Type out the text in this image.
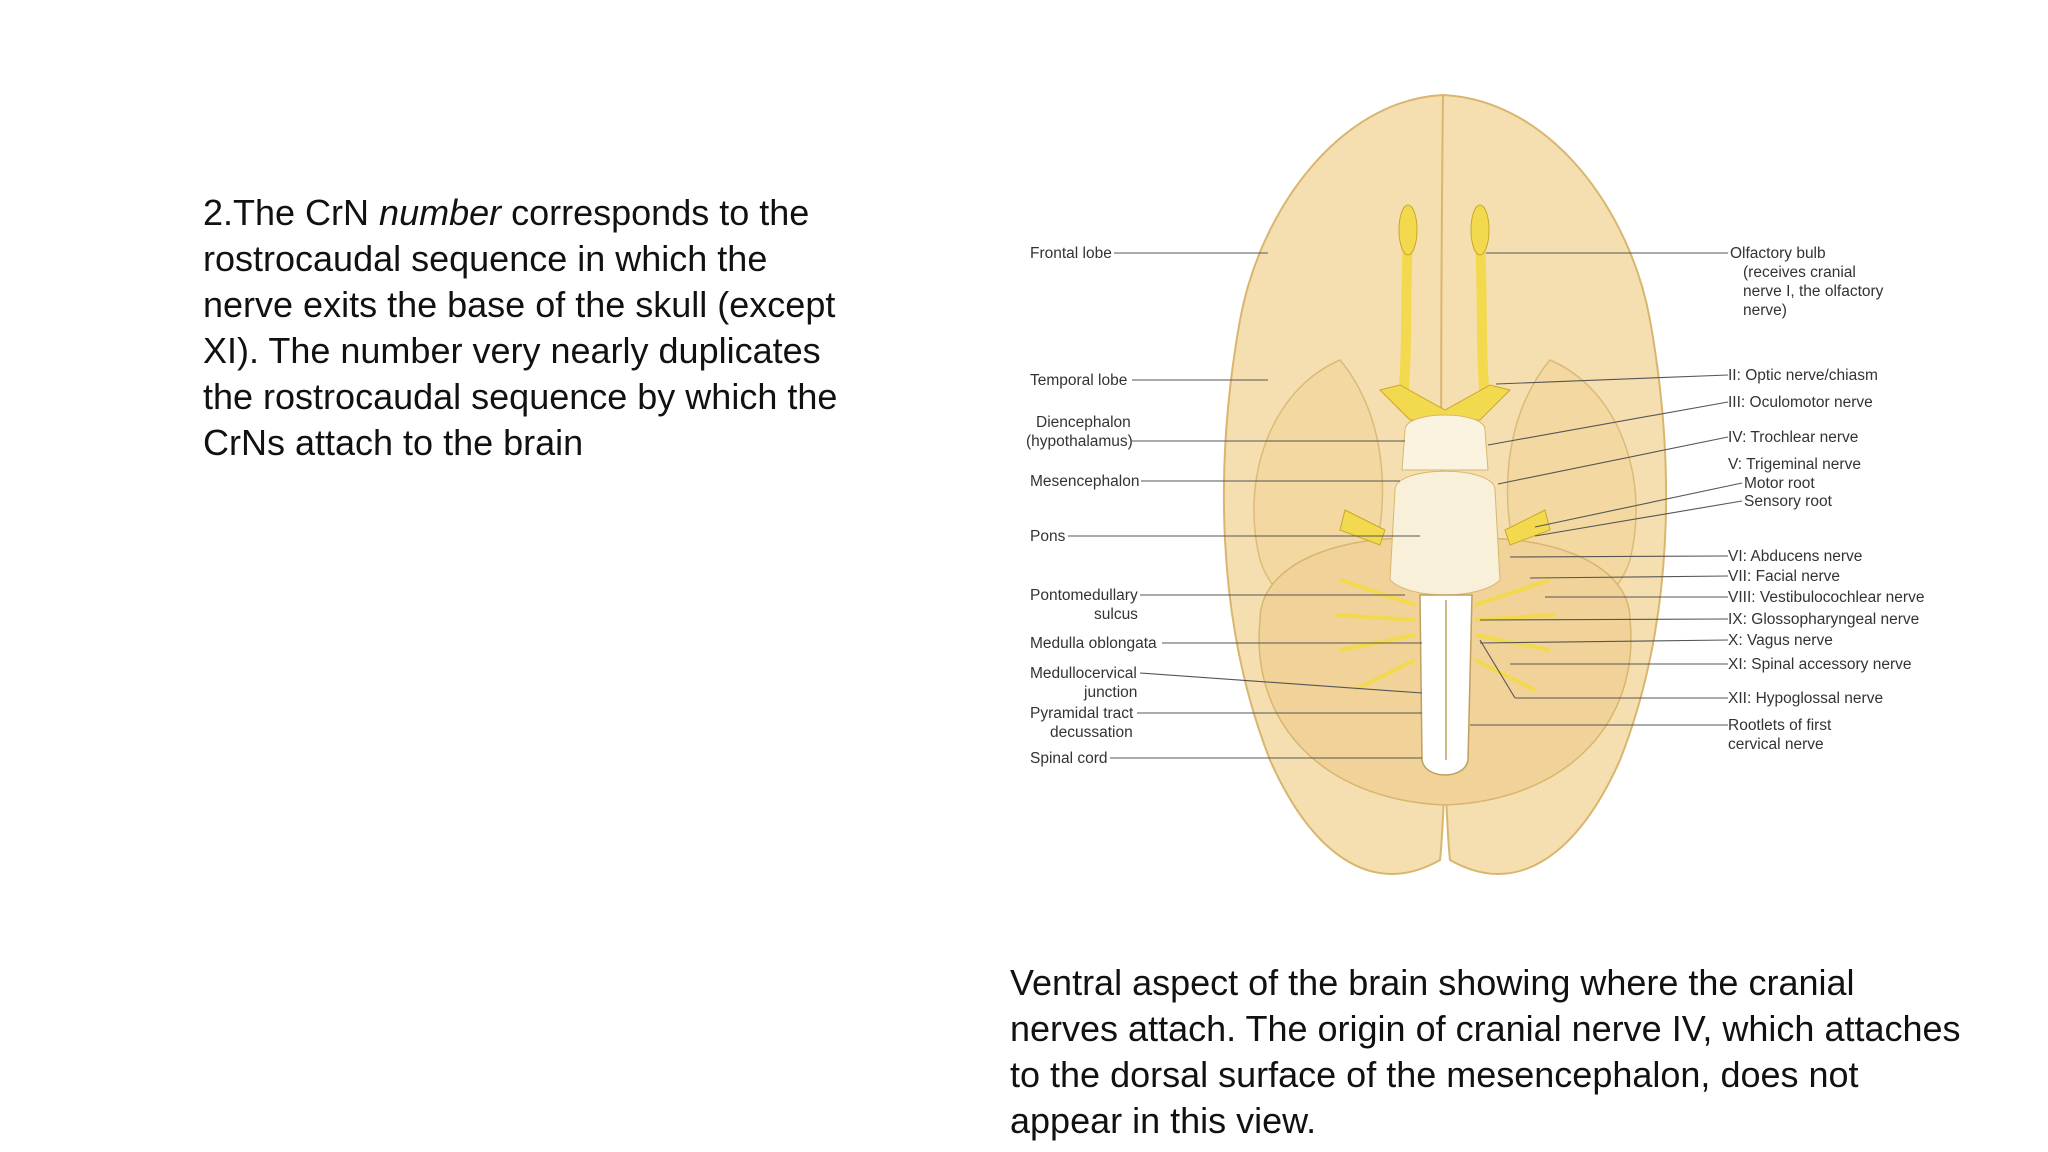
2.The CrN number corresponds to the rostrocaudal sequence in which the nerve exits the base of the skull (except XI). The number very nearly duplicates the rostrocaudal sequence by which the CrNs attach to the brain

Frontal lobe
Temporal lobe
Diencephalon
(hypothalamus)
Mesencephalon
Pons
Pontomedullary
sulcus
Medulla oblongata
Medullocervical
junction
Pyramidal tract
decussation
Spinal cord
Olfactory bulb
(receives cranial
nerve I, the olfactory
nerve)
II: Optic nerve/chiasm
III: Oculomotor nerve
IV: Trochlear nerve
V: Trigeminal nerve
Motor root
Sensory root
VI: Abducens nerve
VII: Facial nerve
VIII: Vestibulocochlear nerve
IX: Glossopharyngeal nerve
X: Vagus nerve
XI: Spinal accessory nerve
XII: Hypoglossal nerve
Rootlets of first
cervical nerve

Ventral aspect of the brain showing where the cranial nerves attach. The origin of cranial nerve IV, which attaches to the dorsal surface of the mesencephalon, does not appear in this view.
